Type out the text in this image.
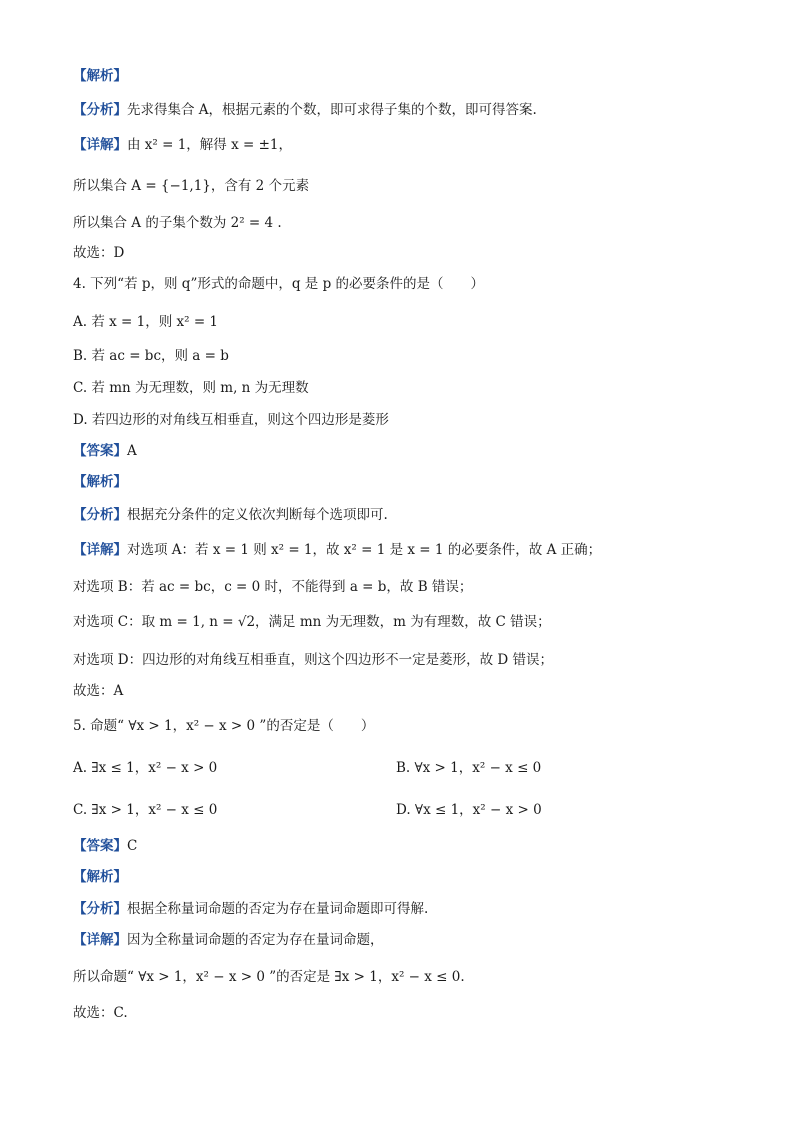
【解析】
【分析】先求得集合 A，根据元素的个数，即可求得子集的个数，即可得答案.
【详解】由 x² = 1，解得 x = ±1，
所以集合 A = {−1,1}，含有 2 个元素
所以集合 A 的子集个数为 2² = 4 .
故选：D
4. 下列“若 p，则 q”形式的命题中，q 是 p 的必要条件的是（　　）
A. 若 x = 1，则 x² = 1
B. 若 ac = bc，则 a = b
C. 若 mn 为无理数，则 m, n 为无理数
D. 若四边形的对角线互相垂直，则这个四边形是菱形
【答案】A
【解析】
【分析】根据充分条件的定义依次判断每个选项即可.
【详解】对选项 A：若 x = 1 则 x² = 1，故 x² = 1 是 x = 1 的必要条件，故 A 正确；
对选项 B：若 ac = bc，c = 0 时，不能得到 a = b，故 B 错误；
对选项 C：取 m = 1, n = √2，满足 mn 为无理数，m 为有理数，故 C 错误；
对选项 D：四边形的对角线互相垂直，则这个四边形不一定是菱形，故 D 错误；
故选：A
5. 命题“ ∀x > 1，x² − x > 0 ”的否定是（　　）
A. ∃x ≤ 1，x² − x > 0	B. ∀x > 1，x² − x ≤ 0
C. ∃x > 1，x² − x ≤ 0	D. ∀x ≤ 1，x² − x > 0
【答案】C
【解析】
【分析】根据全称量词命题的否定为存在量词命题即可得解.
【详解】因为全称量词命题的否定为存在量词命题，
所以命题“ ∀x > 1，x² − x > 0 ”的否定是 ∃x > 1，x² − x ≤ 0.
故选：C.
